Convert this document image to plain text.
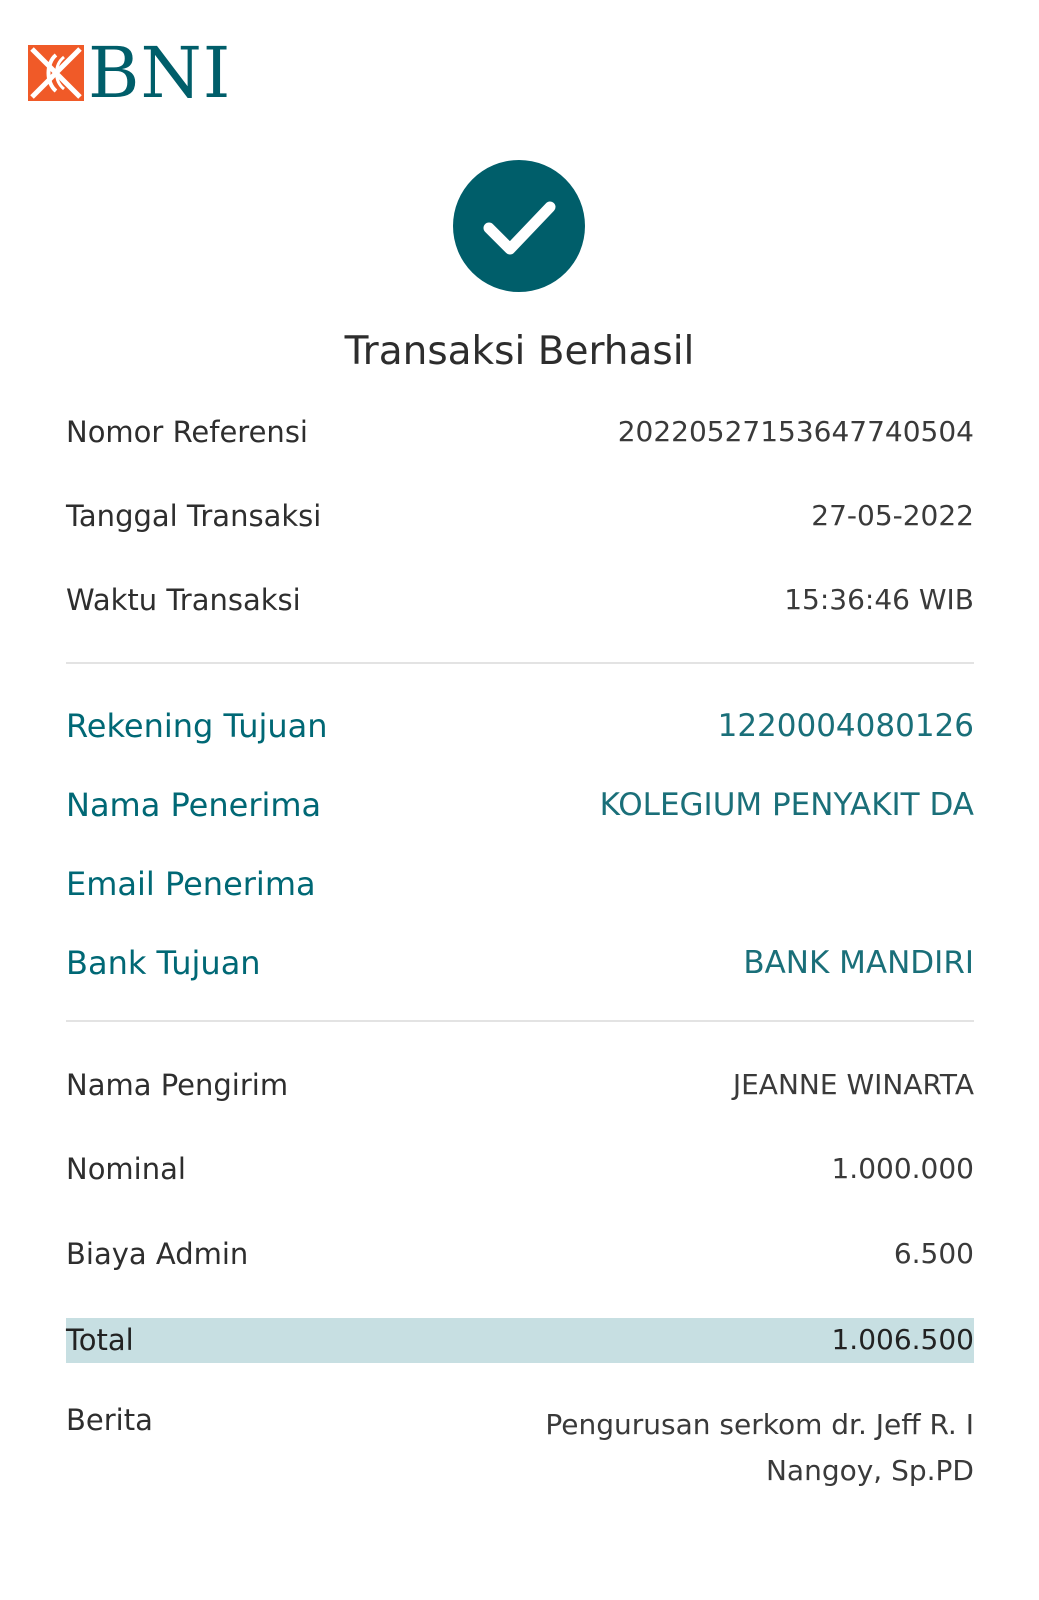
BNI
Transaksi Berhasil
Nomor Referensi	20220527153647740504
Tanggal Transaksi	27-05-2022
Waktu Transaksi	15:36:46 WIB
Rekening Tujuan	1220004080126
Nama Penerima	KOLEGIUM PENYAKIT DA
Email Penerima
Bank Tujuan	BANK MANDIRI
Nama Pengirim	JEANNE WINARTA
Nominal	1.000.000
Biaya Admin	6.500
Total	1.006.500
Berita	Pengurusan serkom dr. Jeff R. I
Nangoy, Sp.PD
